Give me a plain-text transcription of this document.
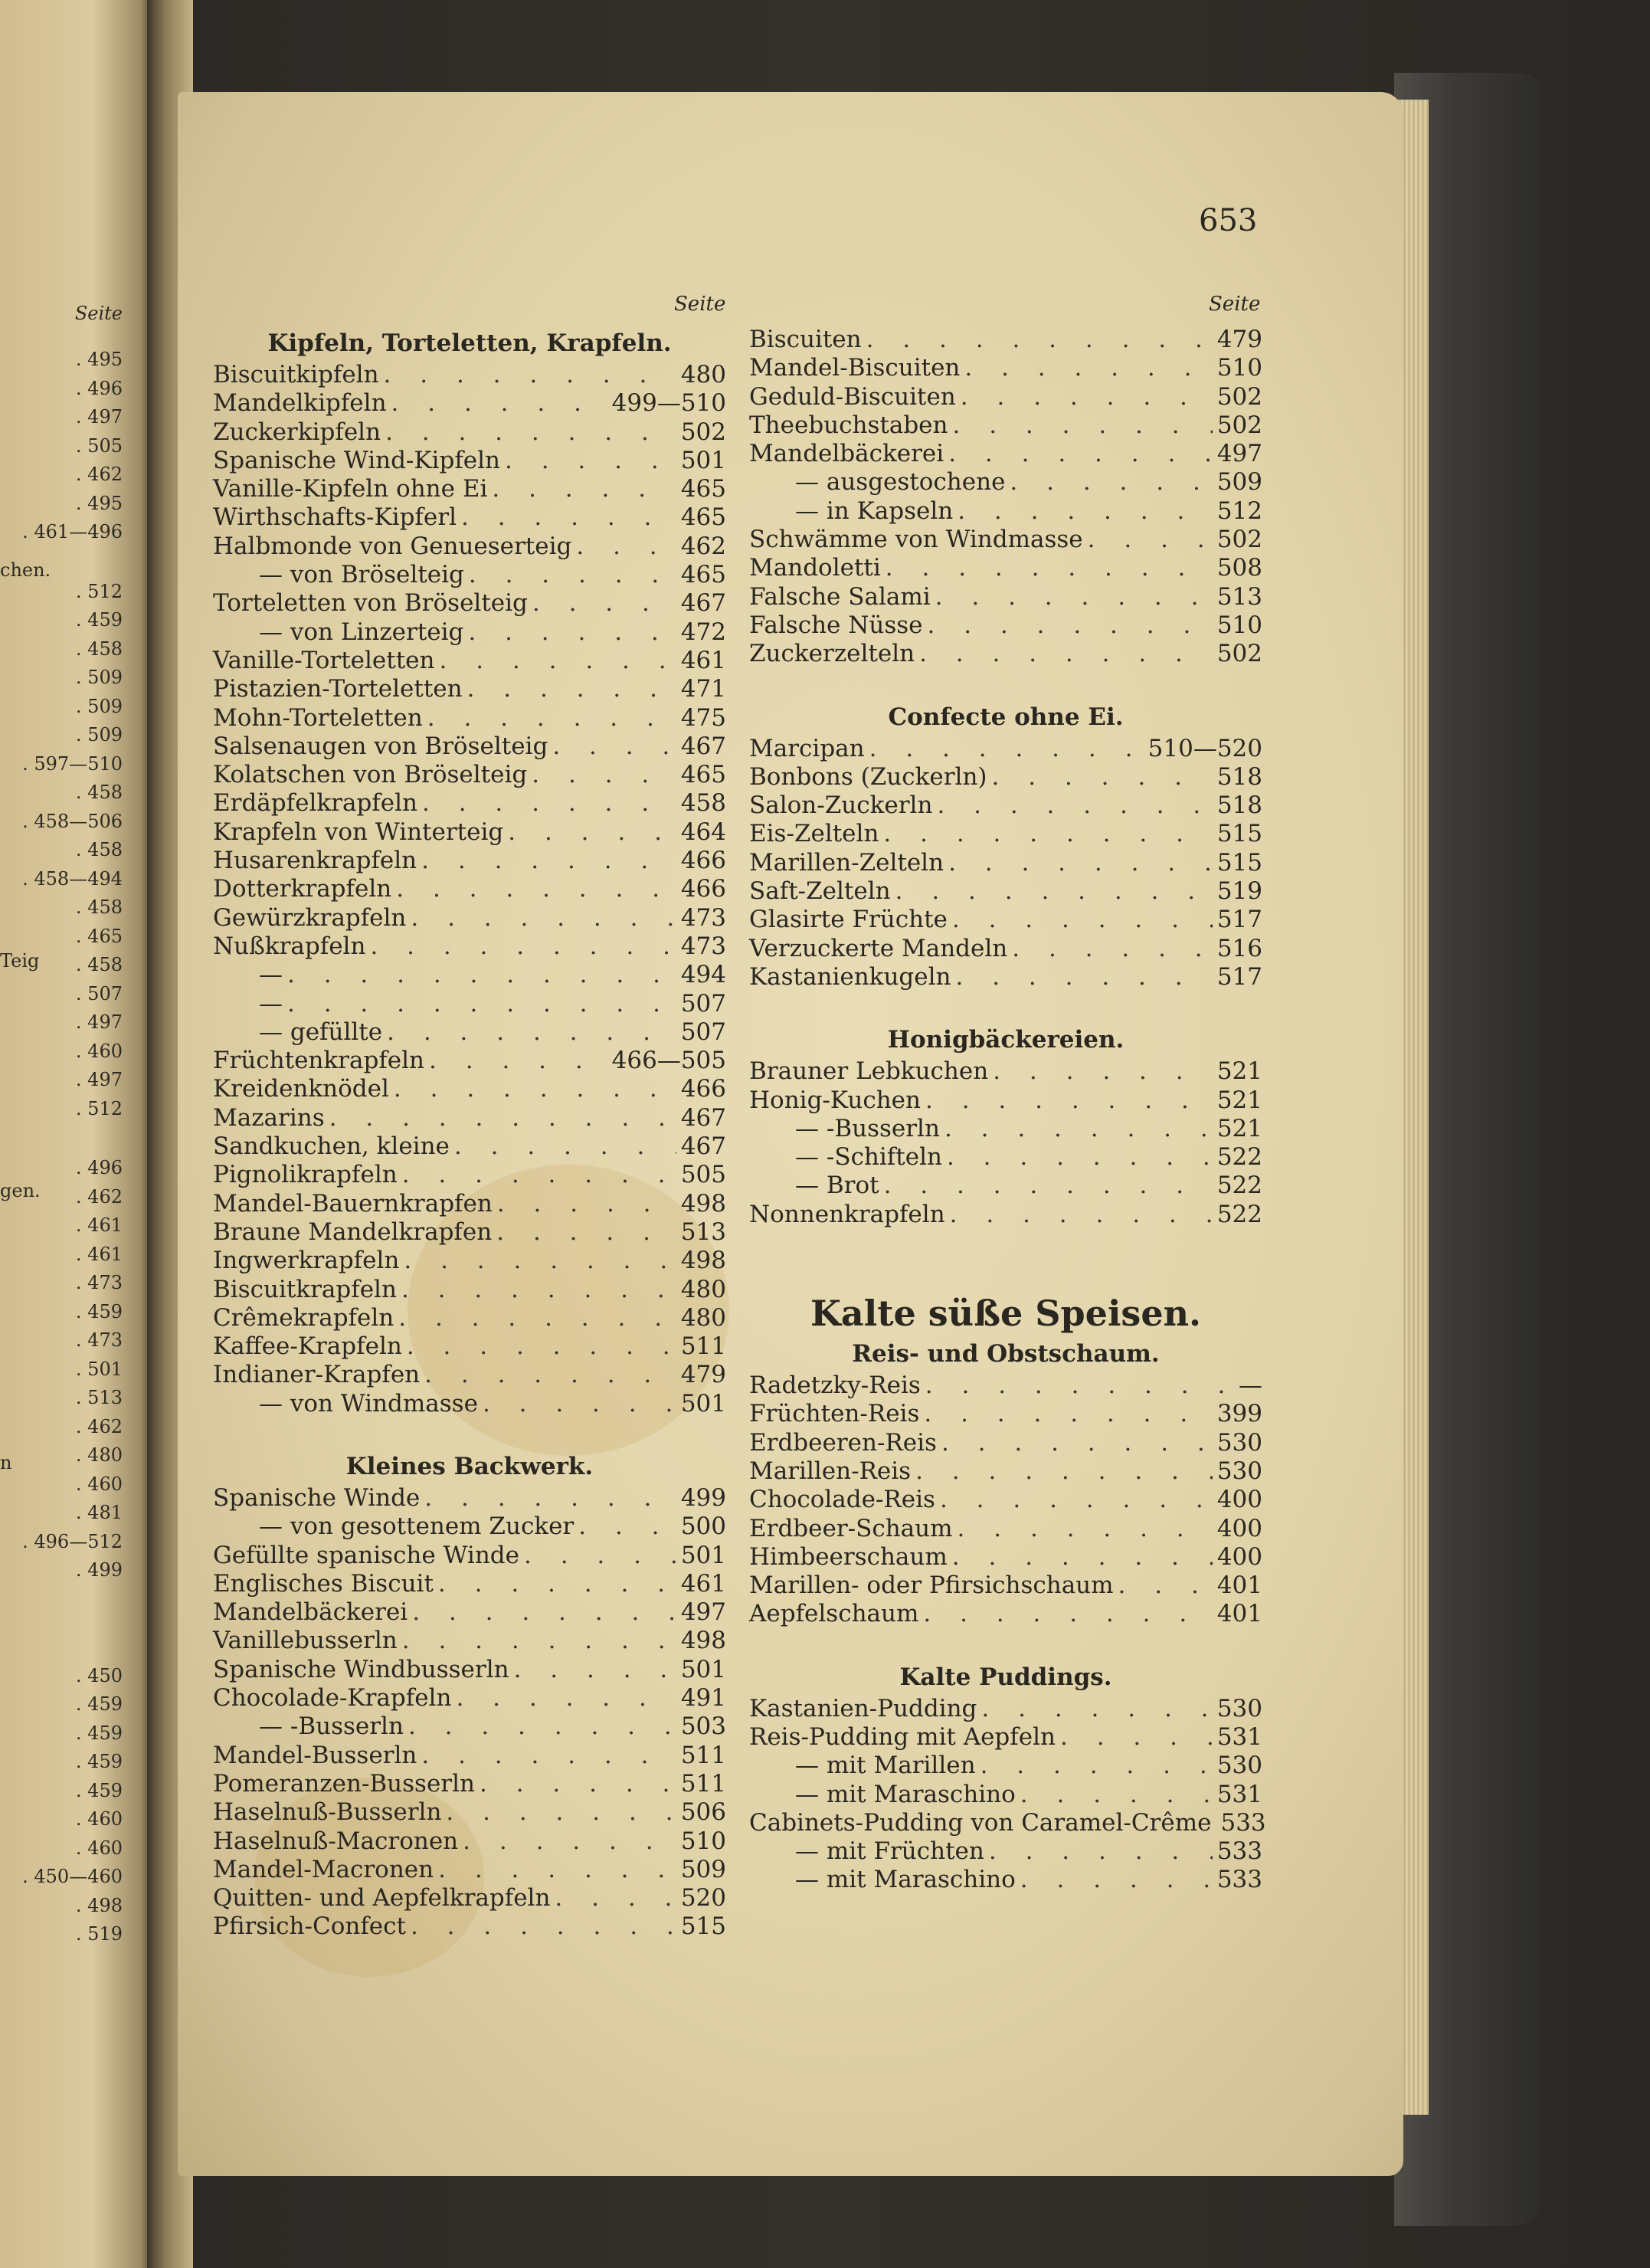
Seite
. 495
. 496
. 497
. 505
. 462
. 495
. 461—496
. 512
. 459
. 458
. 509
. 509
. 509
. 597—510
. 458
. 458—506
. 458
. 458—494
. 458
. 465
. 458
. 507
. 497
. 460
. 497
. 512
. 496
. 462
. 461
. 461
. 473
. 459
. 473
. 501
. 513
. 462
. 480
. 460
. 481
. 496—512
. 499
. 450
. 459
. 459
. 459
. 459
. 460
. 460
. 450—460
. 498
. 519
chen.
Teig
gen.
n
653
Seite	Seite
Kipfeln, Torteletten, Krapfeln.
Biscuitkipfeln . . .	480
Mandelkipfeln . . .	499—510
Zuckerkipfeln . . .	502
Spanische Wind-Kipfeln . . .	501
Vanille-Kipfeln ohne Ei . . .	465
Wirthschafts-Kipferl . . .	465
Halbmonde von Genueserteig . . .	462
— von Bröselteig . . .	465
Torteletten von Bröselteig . . .	467
— von Linzerteig . . .	472
Vanille-Torteletten . . .	461
Pistazien-Torteletten . . .	471
Mohn-Torteletten . . .	475
Salsenaugen von Bröselteig . . .	467
Kolatschen von Bröselteig . . .	465
Erdäpfelkrapfeln . . .	458
Krapfeln von Winterteig . . .	464
Husarenkrapfeln . . .	466
Dotterkrapfeln . . .	466
Gewürzkrapfeln . . .	473
Nußkrapfeln . . .	473
— . . .	494
— . . .	507
— gefüllte . . .	507
Früchtenkrapfeln . . .	466—505
Kreidenknödel . . .	466
Mazarins . . .	467
Sandkuchen, kleine . . .	467
Pignolikrapfeln . . .	505
Mandel-Bauernkrapfen . . .	498
Braune Mandelkrapfen . . .	513
Ingwerkrapfeln . . .	498
Biscuitkrapfeln . . .	480
Crêmekrapfeln . . .	480
Kaffee-Krapfeln . . .	511
Indianer-Krapfen . . .	479
— von Windmasse . . .	501
Kleines Backwerk.
Spanische Winde . . .	499
— von gesottenem Zucker . . .	500
Gefüllte spanische Winde . . .	501
Englisches Biscuit . . .	461
Mandelbäckerei . . .	497
Vanillebusserln . . .	498
Spanische Windbusserln . . .	501
Chocolade-Krapfeln . . .	491
— -Busserln . . .	503
Mandel-Busserln . . .	511
Pomeranzen-Busserln . . .	511
Haselnuß-Busserln . . .	506
Haselnuß-Macronen . . .	510
Mandel-Macronen . . .	509
Quitten- und Aepfelkrapfeln . . .	520
Pfirsich-Confect . . .	515
Biscuiten . . .	479
Mandel-Biscuiten . . .	510
Geduld-Biscuiten . . .	502
Theebuchstaben . . .	502
Mandelbäckerei . . .	497
— ausgestochene . . .	509
— in Kapseln . . .	512
Schwämme von Windmasse . . .	502
Mandoletti . . .	508
Falsche Salami . . .	513
Falsche Nüsse . . .	510
Zuckerzelteln . . .	502
Confecte ohne Ei.
Marcipan . . .	510—520
Bonbons (Zuckerln) . . .	518
Salon-Zuckerln . . .	518
Eis-Zelteln . . .	515
Marillen-Zelteln . . .	515
Saft-Zelteln . . .	519
Glasirte Früchte . . .	517
Verzuckerte Mandeln . . .	516
Kastanienkugeln . . .	517
Honigbäckereien.
Brauner Lebkuchen . . .	521
Honig-Kuchen . . .	521
— -Busserln . . .	521
— -Schifteln . . .	522
— Brot . . .	522
Nonnenkrapfeln . . .	522
Kalte süße Speisen.
Reis- und Obstschaum.
Radetzky-Reis . . .	—
Früchten-Reis . . .	399
Erdbeeren-Reis . . .	530
Marillen-Reis . . .	530
Chocolade-Reis . . .	400
Erdbeer-Schaum . . .	400
Himbeerschaum . . .	400
Marillen- oder Pfirsichschaum . . .	401
Aepfelschaum . . .	401
Kalte Puddings.
Kastanien-Pudding . . .	530
Reis-Pudding mit Aepfeln . . .	531
— mit Marillen . . .	530
— mit Maraschino . . .	531
Cabinets-Pudding von Caramel-Crême . . . 533
— mit Früchten . . .	533
— mit Maraschino . . .	533
